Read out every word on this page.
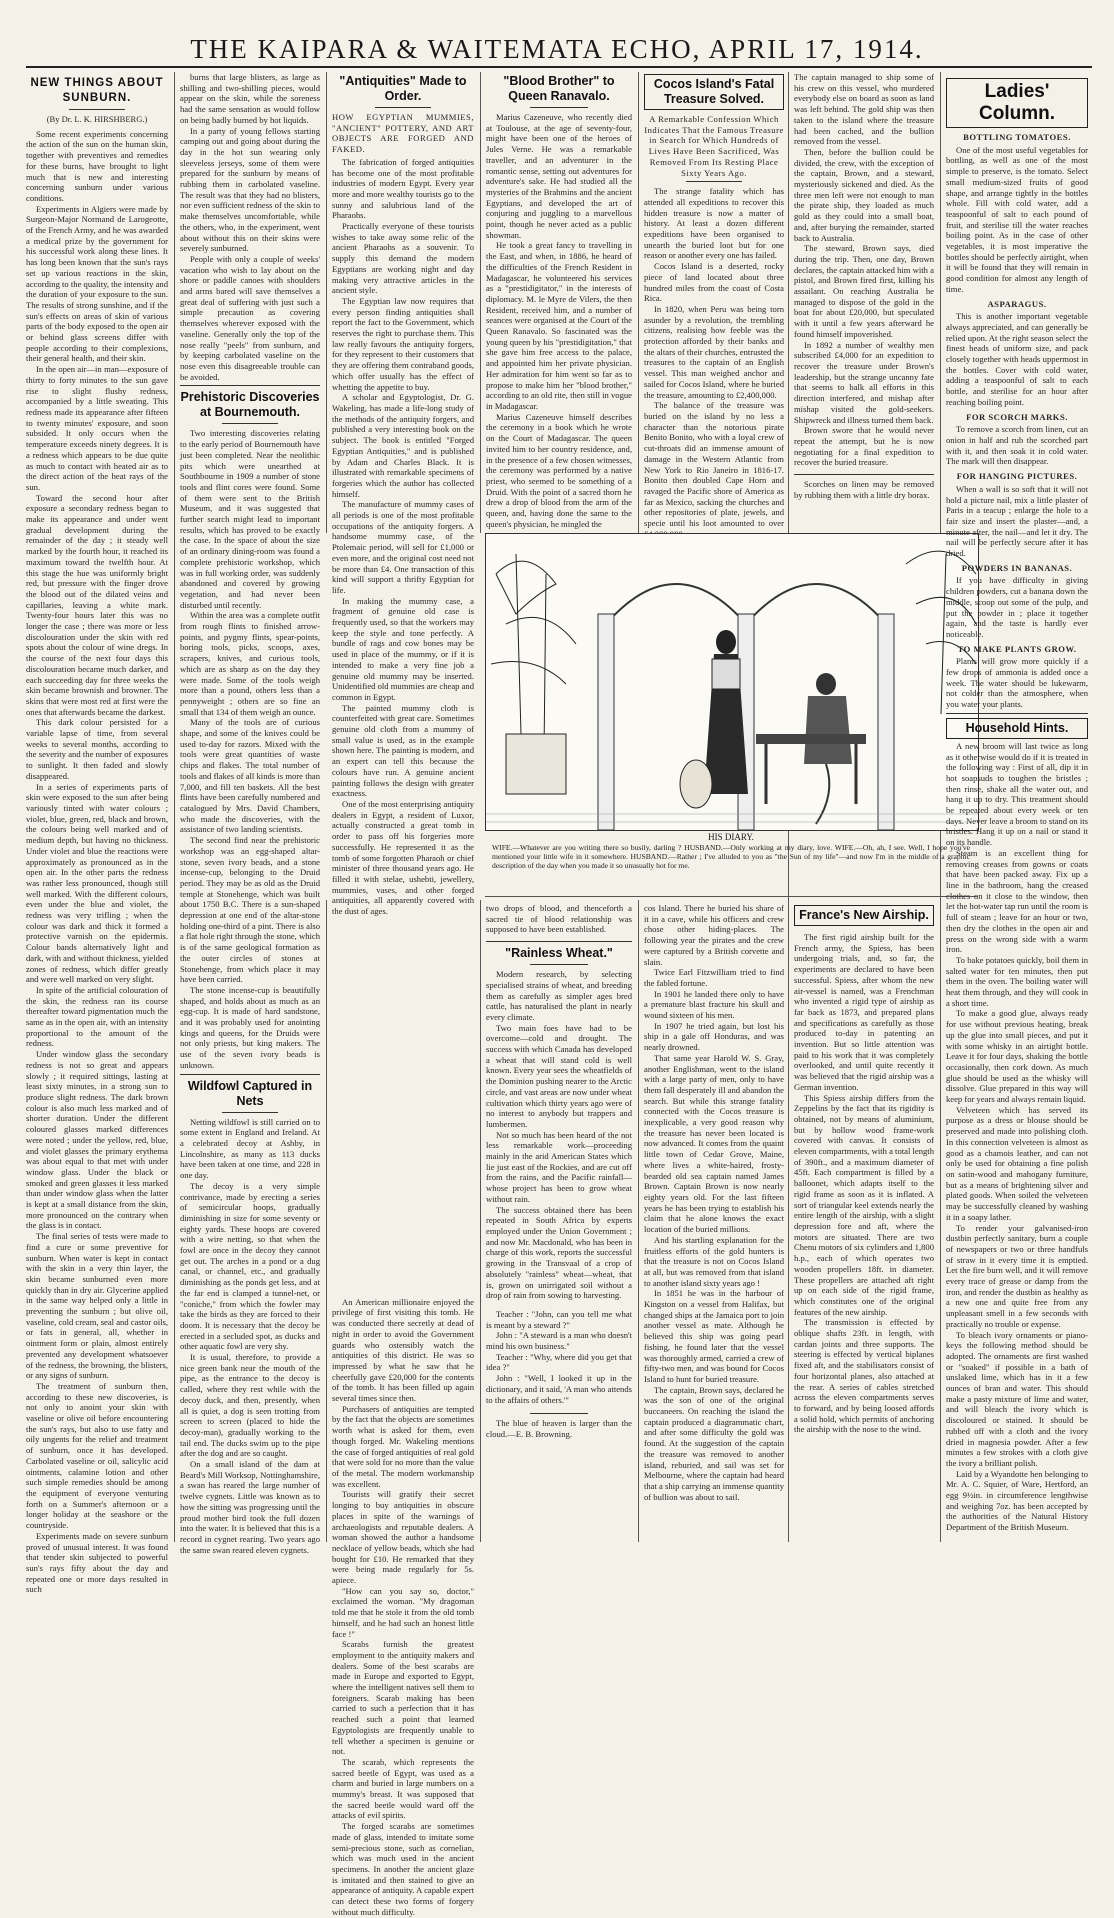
THE KAIPARA & WAITEMATA ECHO, APRIL 17, 1914.
NEW THINGS ABOUT SUNBURN.
(By Dr. L. K. HIRSHBERG.)

Some recent experiments concerning the action of the sun on the human skin, together with preventives and remedies for these burns, have brought to light much that is new and interesting concerning sunburn under various conditions.

Experiments in Algiers were made by Surgeon-Major Normand de Larogeotte, of the French Army, and he was awarded a medical prize by the government for his successful work along these lines. It has long been known that the sun's rays set up various reactions in the skin, according to the quality, the intensity and the duration of your exposure to the sun. The results of strong sunshine, and if the sun's effects on areas of skin of various parts of the body exposed to the open air or behind glass screens differ with people according to their complexions, their general health, and their skin.

In the open air—in man—exposure of thirty to forty minutes to the sun gave rise to slight flushy redness, accompanied by a little sweating. This redness made its appearance after fifteen to twenty minutes' exposure, and soon subsided. It only occurs when the temperature exceeds ninety degrees. It is a redness which appears to be due quite as much to contact with heated air as to the direct action of the heat rays of the sun.

Toward the second hour after exposure a secondary redness began to make its appearance and under went gradual development during the remainder of the day ; it steady well marked by the fourth hour, it reached its maximum toward the twelfth hour. At this stage the hue was uniformly bright red, but pressure with the finger drove the blood out of the dilated veins and capillaries, leaving a white mark. Twenty-four hours later this was no longer the case ; there was more or less discolouration under the skin with red spots about the colour of wine dregs. In the course of the next four days this discolouration became much darker, and each succeeding day for three weeks the skin became brownish and browner. The skins that were most red at first were the ones that afterwards became the darkest.

This dark colour persisted for a variable lapse of time, from several weeks to several months, according to the severity and the number of exposures to sunlight. It then faded and slowly disappeared.

In a series of experiments parts of skin were exposed to the sun after being variously tinted with water colours ; violet, blue, green, red, black and brown, the colours being well marked and of medium depth, but having no thickness. Under violet and blue the reactions were approximately as pronounced as in the open air. In the other parts the redness was rather less pronounced, though still well marked. With the different colours, even under the blue and violet, the redness was very trifling ; when the colour was dark and thick it formed a protective varnish on the epidermis. Colour bands alternatively light and dark, with and without thickness, yielded zones of redness, which differ greatly and were well marked on very slight.

In spite of the artificial colouration of the skin, the redness ran its course thereafter toward pigmentation much the same as in the open air, with an intensity proportional to the amount of the redness.

Under window glass the secondary redness is not so great and appears slowly ; it required sittings, lasting at least sixty minutes, in a strong sun to produce slight redness. The dark brown colour is also much less marked and of shorter duration. Under the different coloured glasses marked differences were noted ; under the yellow, red, blue, and violet glasses the primary erythema was about equal to that met with under window glass. Under the black or smoked and green glasses it less marked than under window glass when the latter is kept at a small distance from the skin, more pronounced on the contrary when the glass is in contact.

The final series of tests were made to find a cure or some preventive for sunburn. When water is kept in contact with the skin in a very thin layer, the skin became sunburned even more quickly than in dry air. Glycerine applied in the same way helped only a little in preventing the sunburn ; but olive oil, vaseline, cold cream, seal and castor oils, or fats in general, all, whether in ointment form or plain, almost entirely prevented any development whatsoever of the redness, the browning, the blisters, or any signs of sunburn.

The treatment of sunburn then, according to these new discoveries, is not only to anoint your skin with vaseline or olive oil before encountering the sun's rays, but also to use fatty and oily ungents for the relief and treatment of sunburn, once it has developed. Carbolated vaseline or oil, salicylic acid ointments, calamine lotion and other such simple remedies should be among the equipment of everyone venturing forth on a Summer's afternoon or a longer holiday at the seashore or the countryside.

Experiments made on severe sunburn proved of unusual interest. It was found that tender skin subjected to powerful sun's rays fifty about the day and repeated one or more days resulted in such

burns that large blisters, as large as shilling and two-shilling pieces, would appear on the skin, while the soreness had the same sensation as would follow on being badly burned by hot liquids.

In a party of young fellows starting camping out and going about during the day in the hot sun wearing only sleeveless jerseys, some of them were prepared for the sunburn by means of rubbing them in carbolated vaseline. The result was that they had no blisters, nor even sufficient redness of the skin to make themselves uncomfortable, while the others, who, in the experiment, went about without this on their skins were severely sunburned.

People with only a couple of weeks' vacation who wish to lay about on the shore or paddle canoes with shoulders and arms bared will save themselves a great deal of suffering with just such a simple precaution as covering themselves wherever exposed with the vaseline. Generally only the top of the nose really "peels" from sunburn, and by keeping carbolated vaseline on the nose even this disagreeable trouble can be avoided.

Prehistoric Discoveries at Bournemouth.

Two interesting discoveries relating to the early period of Bournemouth have just been completed. Near the neolithic pits which were unearthed at Southbourne in 1909 a number of stone tools and flint cores were found. Some of them were sent to the British Museum, and it was suggested that further search might lead to important results, which has proved to be exactly the case. In the space of about the size of an ordinary dining-room was found a complete prehistoric workshop, which was in full working order, was suddenly abandoned and covered by growing vegetation, and had never been disturbed until recently.

Within the area was a complete outfit from rough flints to finished arrow-points, and pygmy flints, spear-points, boring tools, picks, scoops, axes, scrapers, knives, and curious tools, which are as sharp as on the day they were made. Some of the tools weigh more than a pound, others less than a pennyweight ; others are so fine an small that 134 of them weigh an ounce.

Many of the tools are of curious shape, and some of the knives could be used to-day for razors. Mixed with the tools were great quantities of waste chips and flakes. The total number of tools and flakes of all kinds is more than 7,000, and fill ten baskets. All the best flints have been carefully numbered and catalogued by Mrs. David Chambers, who made the discoveries, with the assistance of two landing scientists.

The second find near the prehistoric workshop was an egg-shaped altar-stone, seven ivory beads, and a stone incense-cup, belonging to the Druid period. They may be as old as the Druid temple at Stonehenge, which was built about 1750 B.C. There is a sun-shaped depression at one end of the altar-stone holding one-third of a pint. There is also a flat hole right through the stone, which is of the same geological formation as the outer circles of stones at Stonehenge, from which place it may have been carried.

The stone incense-cup is beautifully shaped, and holds about as much as an egg-cup. It is made of hard sandstone, and it was probably used for anointing kings and queens, for the Druids were not only priests, but king makers. The use of the seven ivory beads is unknown.

Wildfowl Captured in Nets

Netting wildfowl is still carried on to some extent in England and Ireland. At a celebrated decoy at Ashby, in Lincolnshire, as many as 113 ducks have been taken at one time, and 228 in one day.

The decoy is a very simple contrivance, made by erecting a series of semicircular hoops, gradually diminishing in size for some seventy or eighty yards. These hoops are covered with a wire netting, so that when the fowl are once in the decoy they cannot get out. The arches in a pond or a dug canal, or channel, etc., and gradually diminishing as the ponds get less, and at the far end is clamped a tunnel-net, or "coniche," from which the fowler may take the birds as they are forced to their doom. It is necessary that the decoy be erected in a secluded spot, as ducks and other aquatic fowl are very shy.

It is usual, therefore, to provide a nice green bank near the mouth of the pipe, as the entrance to the decoy is called, where they rest while with the decoy duck, and then, presently, when all is quiet, a dog is seen trotting from screen to screen (placed to hide the decoy-man), gradually working to the tail end. The ducks swim up to the pipe after the dog and are so caught.

On a small island of the dam at Beard's Mill Worksop, Nottinghamshire, a swan has reared the large number of twelve cygnets. Little was known as to how the sitting was progressing until the proud mother bird took the full dozen into the water. It is believed that this is a record in cygnet rearing. Two years ago the same swan reared eleven cygnets.

"Antiquities" Made to Order.
HOW EGYPTIAN MUMMIES, "ANCIENT" POTTERY, AND ART OBJECTS ARE FORGED AND FAKED.

The fabrication of forged antiquities has become one of the most profitable industries of modern Egypt. Every year more and more wealthy tourists go to the sunny and salubrious land of the Pharaohs.

Practically everyone of these tourists wishes to take away some relic of the ancient Pharaohs as a souvenir. To supply this demand the modern Egyptians are working night and day making very attractive articles in the ancient style.

The Egyptian law now requires that every person finding antiquities shall report the fact to the Government, which reserves the right to purchase them. This law really favours the antiquity forgers, for they represent to their customers that they are offering them contraband goods, which offer usually has the effect of whetting the appetite to buy.

A scholar and Egyptologist, Dr. G. Wakeling, has made a life-long study of the methods of the antiquity forgers, and published a very interesting book on the subject. The book is entitled "Forged Egyptian Antiquities," and is published by Adam and Charles Black. It is illustrated with remarkable specimens of forgeries which the author has collected himself.

The manufacture of mummy cases of all periods is one of the most profitable occupations of the antiquity forgers. A handsome mummy case, of the Ptolemaic period, will sell for £1,000 or even more, and the original cost need not be more than £4. One transaction of this kind will support a thrifty Egyptian for life.

In making the mummy case, a fragment of genuine old case is frequently used, so that the workers may keep the style and tone perfectly. A bundle of rags and cow bones may be used in place of the mummy, or if it is intended to make a very fine job a genuine old mummy may be inserted. Unidentified old mummies are cheap and common in Egypt.

The painted mummy cloth is counterfeited with great care. Sometimes genuine old cloth from a mummy of small value is used, as in the example shown here. The painting is modern, and an expert can tell this because the colours have run. A genuine ancient painting follows the design with greater exactness.

One of the most enterprising antiquity dealers in Egypt, a resident of Luxor, actually constructed a great tomb in order to pass off his forgeries more successfully. He represented it as the tomb of some forgotten Pharaoh or chief minister of three thousand years ago. He filled it with stelae, ushebti, jewellery, mummies, vases, and other forged antiquities, all apparently covered with the dust of ages.

An American millionaire enjoyed the privilege of first visiting this tomb. He was conducted there secretly at dead of night in order to avoid the Government guards who ostensibly watch the antiquities of this district. He was so impressed by what he saw that he cheerfully gave £20,000 for the contents of the tomb. It has been filled up again several times since then.

Purchasers of antiquities are tempted by the fact that the objects are sometimes worth what is asked for them, even though forged. Mr. Wakeling mentions the case of forged antiquities of real gold that were sold for no more than the value of the metal. The modern workmanship was excellent.

Tourists will gratify their secret longing to buy antiquities in obscure places in spite of the warnings of archaeologists and reputable dealers. A woman showed the author a handsome necklace of yellow beads, which she had bought for £10. He remarked that they were being made regularly for 5s. apiece.

"How can you say so, doctor," exclaimed the woman. "My dragoman told me that he stole it from the old tomb himself, and he had such an honest little face !"

Scarabs furnish the greatest employment to the antiquity makers and dealers. Some of the best scarabs are made in Europe and exported to Egypt, where the intelligent natives sell them to foreigners. Scarab making has been carried to such a perfection that it has reached such a point that learned Egyptologists are frequently unable to tell whether a specimen is genuine or not.

The scarab, which represents the sacred beetle of Egypt, was used as a charm and buried in large numbers on a mummy's breast. It was supposed that the sacred beetle would ward off the attacks of evil spirits.

The forged scarabs are sometimes made of glass, intended to imitate some semi-precious stone, such as cornelian, which was much used in the ancient specimens. In another the ancient glaze is imitated and then stained to give an appearance of antiquity. A capable expert can detect these two forms of forgery without much difficulty.

"Blood Brother" to Queen Ranavalo.

Marius Cazeneuve, who recently died at Toulouse, at the age of seventy-four, might have been one of the heroes of Jules Verne. He was a remarkable traveller, and an adventurer in the romantic sense, setting out adventures for adventure's sake. He had studied all the mysteries of the Brahmins and the ancient Egyptians, and developed the art of conjuring and juggling to a marvellous point, though he never acted as a public showman.

He took a great fancy to travelling in the East, and when, in 1886, he heard of the difficulties of the French Resident in Madagascar, he volunteered his services as a "prestidigitator," in the interests of diplomacy. M. le Myre de Vilers, the then Resident, received him, and a number of seances were organised at the Court of the Queen Ranavalo. So fascinated was the young queen by his "prestidigitation," that she gave him free access to the palace, and appointed him her private physician. Her admiration for him went so far as to propose to make him her "blood brother," according to an old rite, then still in vogue in Madagascar.

Marius Cazeneuve himself describes the ceremony in a book which he wrote on the Court of Madagascar. The queen invited him to her country residence, and, in the presence of a few chosen witnesses, the ceremony was performed by a native priest, who seemed to be something of a Druid. With the point of a sacred thorn he drew a drop of blood from the arm of the queen, and, having done the same to the queen's physician, he mingled the

two drops of blood, and thenceforth a sacred tie of blood relationship was supposed to have been established.

"Rainless Wheat."

Modern research, by selecting specialised strains of wheat, and breeding them as carefully as simpler ages bred cattle, has naturalised the plant in nearly every climate.

Two main foes have had to be overcome—cold and drought. The success with which Canada has developed a wheat that will stand cold is well known. Every year sees the wheatfields of the Dominion pushing nearer to the Arctic circle, and vast areas are now under wheat cultivation which thirty years ago were of no interest to anybody but trappers and lumbermen.

Not so much has been heard of the not less remarkable work—proceeding mainly in the arid American States which lie just east of the Rockies, and are cut off from the rains, and the Pacific rainfall—whose project has been to grow wheat without rain.

The success obtained there has been repeated in South Africa by experts employed under the Union Government ; and now Mr. Macdonald, who has been in charge of this work, reports the successful growing in the Transvaal of a crop of absolutely "rainless" wheat—wheat, that is, grown on unirrigated soil without a drop of rain from sowing to harvesting.

Teacher : "John, can you tell me what is meant by a steward ?"

John : "A steward is a man who doesn't mind his own business."

Teacher : "Why, where did you get that idea ?"

John : "Well, I looked it up in the dictionary, and it said, 'A man who attends to the affairs of others.'"

The blue of heaven is larger than the cloud.—E. B. Browning.

Cocos Island's Fatal Treasure Solved.
A Remarkable Confession Which Indicates That the Famous Treasure in Search for Which Hundreds of Lives Have Been Sacrificed, Was Removed From Its Resting Place Sixty Years Ago.

The strange fatality which has attended all expeditions to recover this hidden treasure is now a matter of history. At least a dozen different expeditions have been organised to unearth the buried loot but for one reason or another every one has failed.

Cocos Island is a deserted, rocky piece of land located about three hundred miles from the coast of Costa Rica.

In 1820, when Peru was being torn asunder by a revolution, the trembling citizens, realising how feeble was the protection afforded by their banks and the altars of their churches, entrusted the treasures to the captain of an English vessel. This man weighed anchor and sailed for Cocos Island, where he buried the treasure, amounting to £2,400,000.

The balance of the treasure was buried on the island by no less a character than the notorious pirate Benito Bonito, who with a loyal crew of cut-throats did an immense amount of damage in the Western Atlantic from New York to Rio Janeiro in 1816-17. Bonito then doubled Cape Horn and ravaged the Pacific shore of America as far as Mexico, sacking the churches and other repositories of plate, jewels, and specie until his loot amounted to over

cos Island. There he buried his share of it in a cave, while his officers and crew chose other hiding-places. The following year the pirates and the crew were captured by a British corvette and slain.

Twice Earl Fitzwilliam tried to find the fabled fortune.

In 1901 he landed there only to have a premature blast fracture his skull and wound sixteen of his men.

In 1907 he tried again, but lost his ship in a gale off Honduras, and was nearly drowned.

That same year Harold W. S. Gray, another Englishman, went to the island with a large party of men, only to have them fall desperately ill and abandon the search. But while this strange fatality connected with the Cocos treasure is inexplicable, a very good reason why the treasure has never been located is now advanced. It comes from the quaint little town of Cedar Grove, Maine, where lives a white-haired, frosty-bearded old sea captain named James Brown. Captain Brown is now nearly eighty years old. For the last fifteen years he has been trying to establish his claim that he alone knows the exact location of the buried millions.

And his startling explanation for the fruitless efforts of the gold hunters is that the treasure is not on Cocos Island at all, but was removed from that island to another island sixty years ago !

In 1851 he was in the harbour of Kingston on a vessel from Halifax, but changed ships at the Jamaica port to join another vessel as mate. Although he believed this ship was going pearl fishing, he found later that the vessel was thoroughly armed, carried a crew of fifty-two men, and was bound for Cocos Island to hunt for buried treasure.

The captain, Brown says, declared he was the son of one of the original buccaneers. On reaching the island the captain produced a diagrammatic chart, and after some difficulty the gold was found. At the suggestion of the captain the treasure was removed to another island, reburied, and sail was set for Melbourne, where the captain had heard that a ship carrying an immense quantity of bullion was about to sail.

The captain managed to ship some of his crew on this vessel, who murdered everybody else on board as soon as land was left behind. The gold ship was then taken to the island where the treasure had been cached, and the bullion removed from the vessel.

Then, before the bullion could be divided, the crew, with the exception of the captain, Brown, and a steward, mysteriously sickened and died. As the three men left were not enough to man the pirate ship, they loaded as much gold as they could into a small boat, and, after burying the remainder, started back to Australia.

The steward, Brown says, died during the trip. Then, one day, Brown declares, the captain attacked him with a pistol, and Brown fired first, killing his assailant. On reaching Australia he managed to dispose of the gold in the boat for about £20,000, but speculated with it until a few years afterward he found himself impoverished.

In 1892 a number of wealthy men subscribed £4,000 for an expedition to recover the treasure under Brown's leadership, but the strange uncanny fate that seems to balk all efforts in this direction interfered, and mishap after mishap visited the gold-seekers. Shipwreck and illness turned them back.

Brown swore that he would never repeat the attempt, but he is now negotiating for a final expedition to recover the buried treasure.

Scorches on linen may be removed by rubbing them with a little dry borax.

France's New Airship.

The first rigid airship built for the French army, the Spiess, has been undergoing trials, and, so far, the experiments are declared to have been successful. Spiess, after whom the new air-vessel is named, was a Frenchman who invented a rigid type of airship as far back as 1873, and prepared plans and specifications as carefully as those produced to-day in patenting an invention. But so little attention was paid to his work that it was completely overlooked, and until quite recently it was believed that the rigid airship was a German invention.

This Spiess airship differs from the Zeppelins by the fact that its rigidity is obtained, not by means of aluminium, but by hollow wood frame-work covered with canvas. It consists of eleven compartments, with a total length of 390ft., and a maximum diameter of 45ft. Each compartment is filled by a balloonet, which adapts itself to the rigid frame as soon as it is inflated. A sort of triangular keel extends nearly the entire length of the airship, with a slight depression fore and aft, where the motors are situated. There are two Chenu motors of six cylinders and 1,800 h.p., each of which operates two wooden propellers 18ft. in diameter. These propellers are attached aft right up on each side of the rigid frame, which constitutes one of the original features of the new airship.

The transmission is effected by oblique shafts 23ft. in length, with cardan joints and three supports. The steering is effected by vertical biplanes fixed aft, and the stabilisators consist of four horizontal planes, also attached at the rear. A series of cables stretched across the eleven compartments serves to forward, and by being loosed affords a solid hold, which permits of anchoring the airship with the nose to the wind.

HIS DIARY.
WIFE.—Whatever are you writing there so busily, darling ? HUSBAND.—Only working at my diary, love. WIFE.—Oh, ah, I see. Well, I hope you've mentioned your little wife in it somewhere. HUSBAND.—Rather ; I've alluded to you as "the Sun of my life"—and now I'm in the middle of a graphic description of the day when you made it so unusually hot for me.
Ladies' Column.
BOTTLING TOMATOES.

One of the most useful vegetables for bottling, as well as one of the most simple to preserve, is the tomato. Select small medium-sized fruits of good shape, and arrange tightly in the bottles whole. Fill with cold water, add a teaspoonful of salt to each pound of fruit, and sterilise till the water reaches boiling point. As in the case of other vegetables, it is most imperative the bottles should be perfectly airtight, when it will be found that they will remain in good condition for almost any length of time.

ASPARAGUS.

This is another important vegetable always appreciated, and can generally be relied upon. At the right season select the finest heads of uniform size, and pack closely together with heads uppermost in the bottles. Cover with cold water, adding a teaspoonful of salt to each bottle, and sterilise for an hour after reaching boiling point.

FOR SCORCH MARKS.

To remove a scorch from linen, cut an onion in half and rub the scorched part with it, and then soak it in cold water. The mark will then disappear.

FOR HANGING PICTURES.

When a wall is so soft that it will not hold a picture nail, mix a little plaster of Paris in a teacup ; enlarge the hole to a fair size and insert the plaster—and, a minute after, the nail—and let it dry. The nail will be perfectly secure after it has dried.

POWDERS IN BANANAS.

If you have difficulty in giving children powders, cut a banana down the middle, scoop out some of the pulp, and put the powder in ; place it together again, and the taste is hardly ever noticeable.

TO MAKE PLANTS GROW.

Plants will grow more quickly if a few drops of ammonia is added once a week. The water should be lukewarm, not colder than the atmosphere, when you water your plants.

Household Hints.

A new broom will last twice as long as it otherwise would do if it is treated in the following way : First of all, dip it in hot soapsuds to toughen the bristles ; then rinse, shake all the water out, and hang it up to dry. This treatment should be repeated about every week or ten days. Never leave a broom to stand on its bristles. Hang it up on a nail or stand it on its handle.

Steam is an excellent thing for removing creases from gowns or coats that have been packed away. Fix up a line in the bathroom, hang the creased clothes on it close to the window, then let the hot-water tap run until the room is full of steam ; leave for an hour or two, then dry the clothes in the open air and press on the wrong side with a warm iron.

To bake potatoes quickly, boil them in salted water for ten minutes, then put them in the oven. The boiling water will heat them through, and they will cook in a short time.

To make a good glue, always ready for use without previous heating, break up the glue into small pieces, and put it with some whisky in an airtight bottle. Leave it for four days, shaking the bottle occasionally, then cork down. As much glue should be used as the whisky will dissolve. Glue prepared in this way will keep for years and always remain liquid.

Velveteen which has served its purpose as a dress or blouse should be preserved and made into polishing cloth. In this connection velveteen is almost as good as a chamois leather, and can not only be used for obtaining a fine polish on satin-wood and mahogany furniture, but as a means of brightening silver and plated goods. When soiled the velveteen may be successfully cleaned by washing it in a soapy lather.

To render your galvanised-iron dustbin perfectly sanitary, burn a couple of newspapers or two or three handfuls of straw in it every time it is emptied. Let the fire burn well, and it will remove every trace of grease or damp from the iron, and render the dustbin as healthy as a new one and quite free from any unpleasant smell in a few seconds with practically no trouble or expense.

To bleach ivory ornaments or piano-keys the following method should be adopted. The ornaments are first washed or "soaked" if possible in a bath of unslaked lime, which has in it a few ounces of bran and water. This should make a pasty mixture of lime and water, and will bleach the ivory which is discoloured or stained. It should be rubbed off with a cloth and the ivory dried in magnesia powder. After a few minutes a few strokes with a cloth give the ivory a brilliant polish.

Laid by a Wyandotte hen belonging to Mr. A. C. Squier, of Ware, Hertford, an egg 9½in. in circumference lengthwise and weighing 7oz. has been accepted by the authorities of the Natural History Department of the British Museum.
